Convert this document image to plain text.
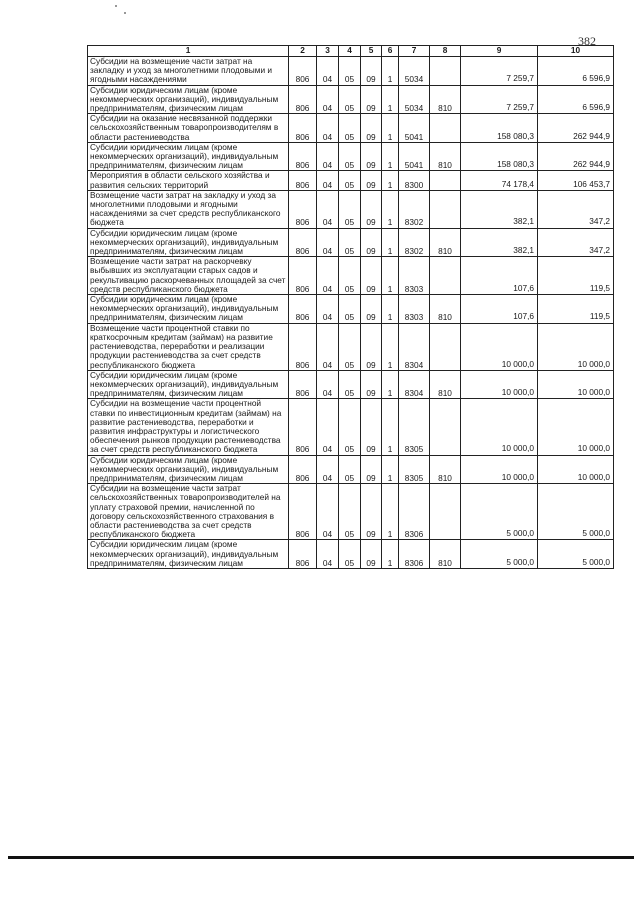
382
1	2	3	4	5	6	7	8	9	10
Субсидии на возмещение части затрат на закладку и уход за многолетними плодовыми и ягодными насаждениями	806	04	05	09	1	5034		7 259,7	6 596,9
Субсидии юридическим лицам (кроме некоммерческих организаций), индивидуальным предпринимателям, физическим лицам	806	04	05	09	1	5034	810	7 259,7	6 596,9
Субсидии на оказание несвязанной поддержки сельскохозяйственным товаропроизводителям в области растениеводства	806	04	05	09	1	5041		158 080,3	262 944,9
Субсидии юридическим лицам (кроме некоммерческих организаций), индивидуальным предпринимателям, физическим лицам	806	04	05	09	1	5041	810	158 080,3	262 944,9
Мероприятия в области сельского хозяйства и развития сельских территорий	806	04	05	09	1	8300		74 178,4	106 453,7
Возмещение части затрат на закладку и уход за многолетними плодовыми и ягодными насаждениями за счет средств республиканского бюджета	806	04	05	09	1	8302		382,1	347,2
Субсидии юридическим лицам (кроме некоммерческих организаций), индивидуальным предпринимателям, физическим лицам	806	04	05	09	1	8302	810	382,1	347,2
Возмещение части затрат на раскорчевку выбывших из эксплуатации старых садов и рекультивацию раскорчеванных площадей за счет средств республиканского бюджета	806	04	05	09	1	8303		107,6	119,5
Субсидии юридическим лицам (кроме некоммерческих организаций), индивидуальным предпринимателям, физическим лицам	806	04	05	09	1	8303	810	107,6	119,5
Возмещение части процентной ставки по краткосрочным кредитам (займам) на развитие растениеводства, переработки и реализации продукции растениеводства за счет средств республиканского бюджета	806	04	05	09	1	8304		10 000,0	10 000,0
Субсидии юридическим лицам (кроме некоммерческих организаций), индивидуальным предпринимателям, физическим лицам	806	04	05	09	1	8304	810	10 000,0	10 000,0
Субсидии на возмещение части процентной ставки по инвестиционным кредитам (займам) на развитие растениеводства, переработки и развития инфраструктуры и логистического обеспечения рынков продукции растениеводства за счет средств республиканского бюджета	806	04	05	09	1	8305		10 000,0	10 000,0
Субсидии юридическим лицам (кроме некоммерческих организаций), индивидуальным предпринимателям, физическим лицам	806	04	05	09	1	8305	810	10 000,0	10 000,0
Субсидии на возмещение части затрат сельскохозяйственных товаропроизводителей на уплату страховой премии, начисленной по договору сельскохозяйственного страхования в области растениеводства за счет средств республиканского бюджета	806	04	05	09	1	8306		5 000,0	5 000,0
Субсидии юридическим лицам (кроме некоммерческих организаций), индивидуальным предпринимателям, физическим лицам	806	04	05	09	1	8306	810	5 000,0	5 000,0
